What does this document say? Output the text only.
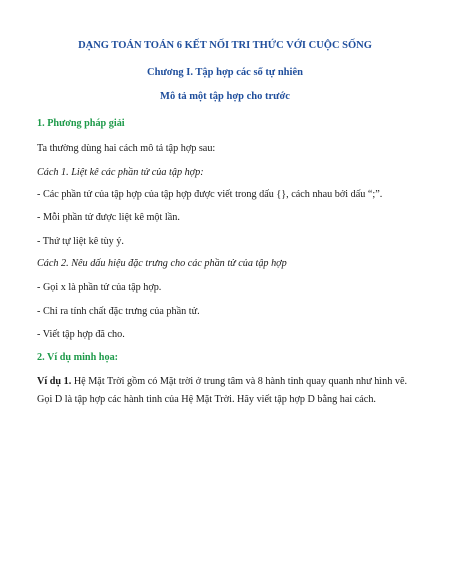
DẠNG TOÁN TOÁN 6 KẾT NỐI TRI THỨC VỚI CUỘC SỐNG
Chương I. Tập hợp các số tự nhiên
Mô tả một tập hợp cho trước
1. Phương pháp giải
Ta thường dùng hai cách mô tả tập hợp sau:
Cách 1. Liệt kê các phần tử của tập hợp:
- Các phần tử của tập hợp của tập hợp được viết trong dấu {}, cách nhau bởi dấu “;”.
- Mỗi phần tử được liệt kê một lần.
- Thứ tự liệt kê tùy ý.
Cách 2. Nêu dấu hiệu đặc trưng cho các phần tử của tập hợp
- Gọi x là phần tử của tập hợp.
- Chỉ ra tính chất đặc trưng của phần tử.
- Viết tập hợp đã cho.
2. Ví dụ minh họa:
Ví dụ 1. Hệ Mặt Trời gồm có Mặt trời ở trung tâm và 8 hành tinh quay quanh như hình vẽ. Gọi D là tập hợp các hành tinh của Hệ Mặt Trời. Hãy viết tập hợp D bằng hai cách.
